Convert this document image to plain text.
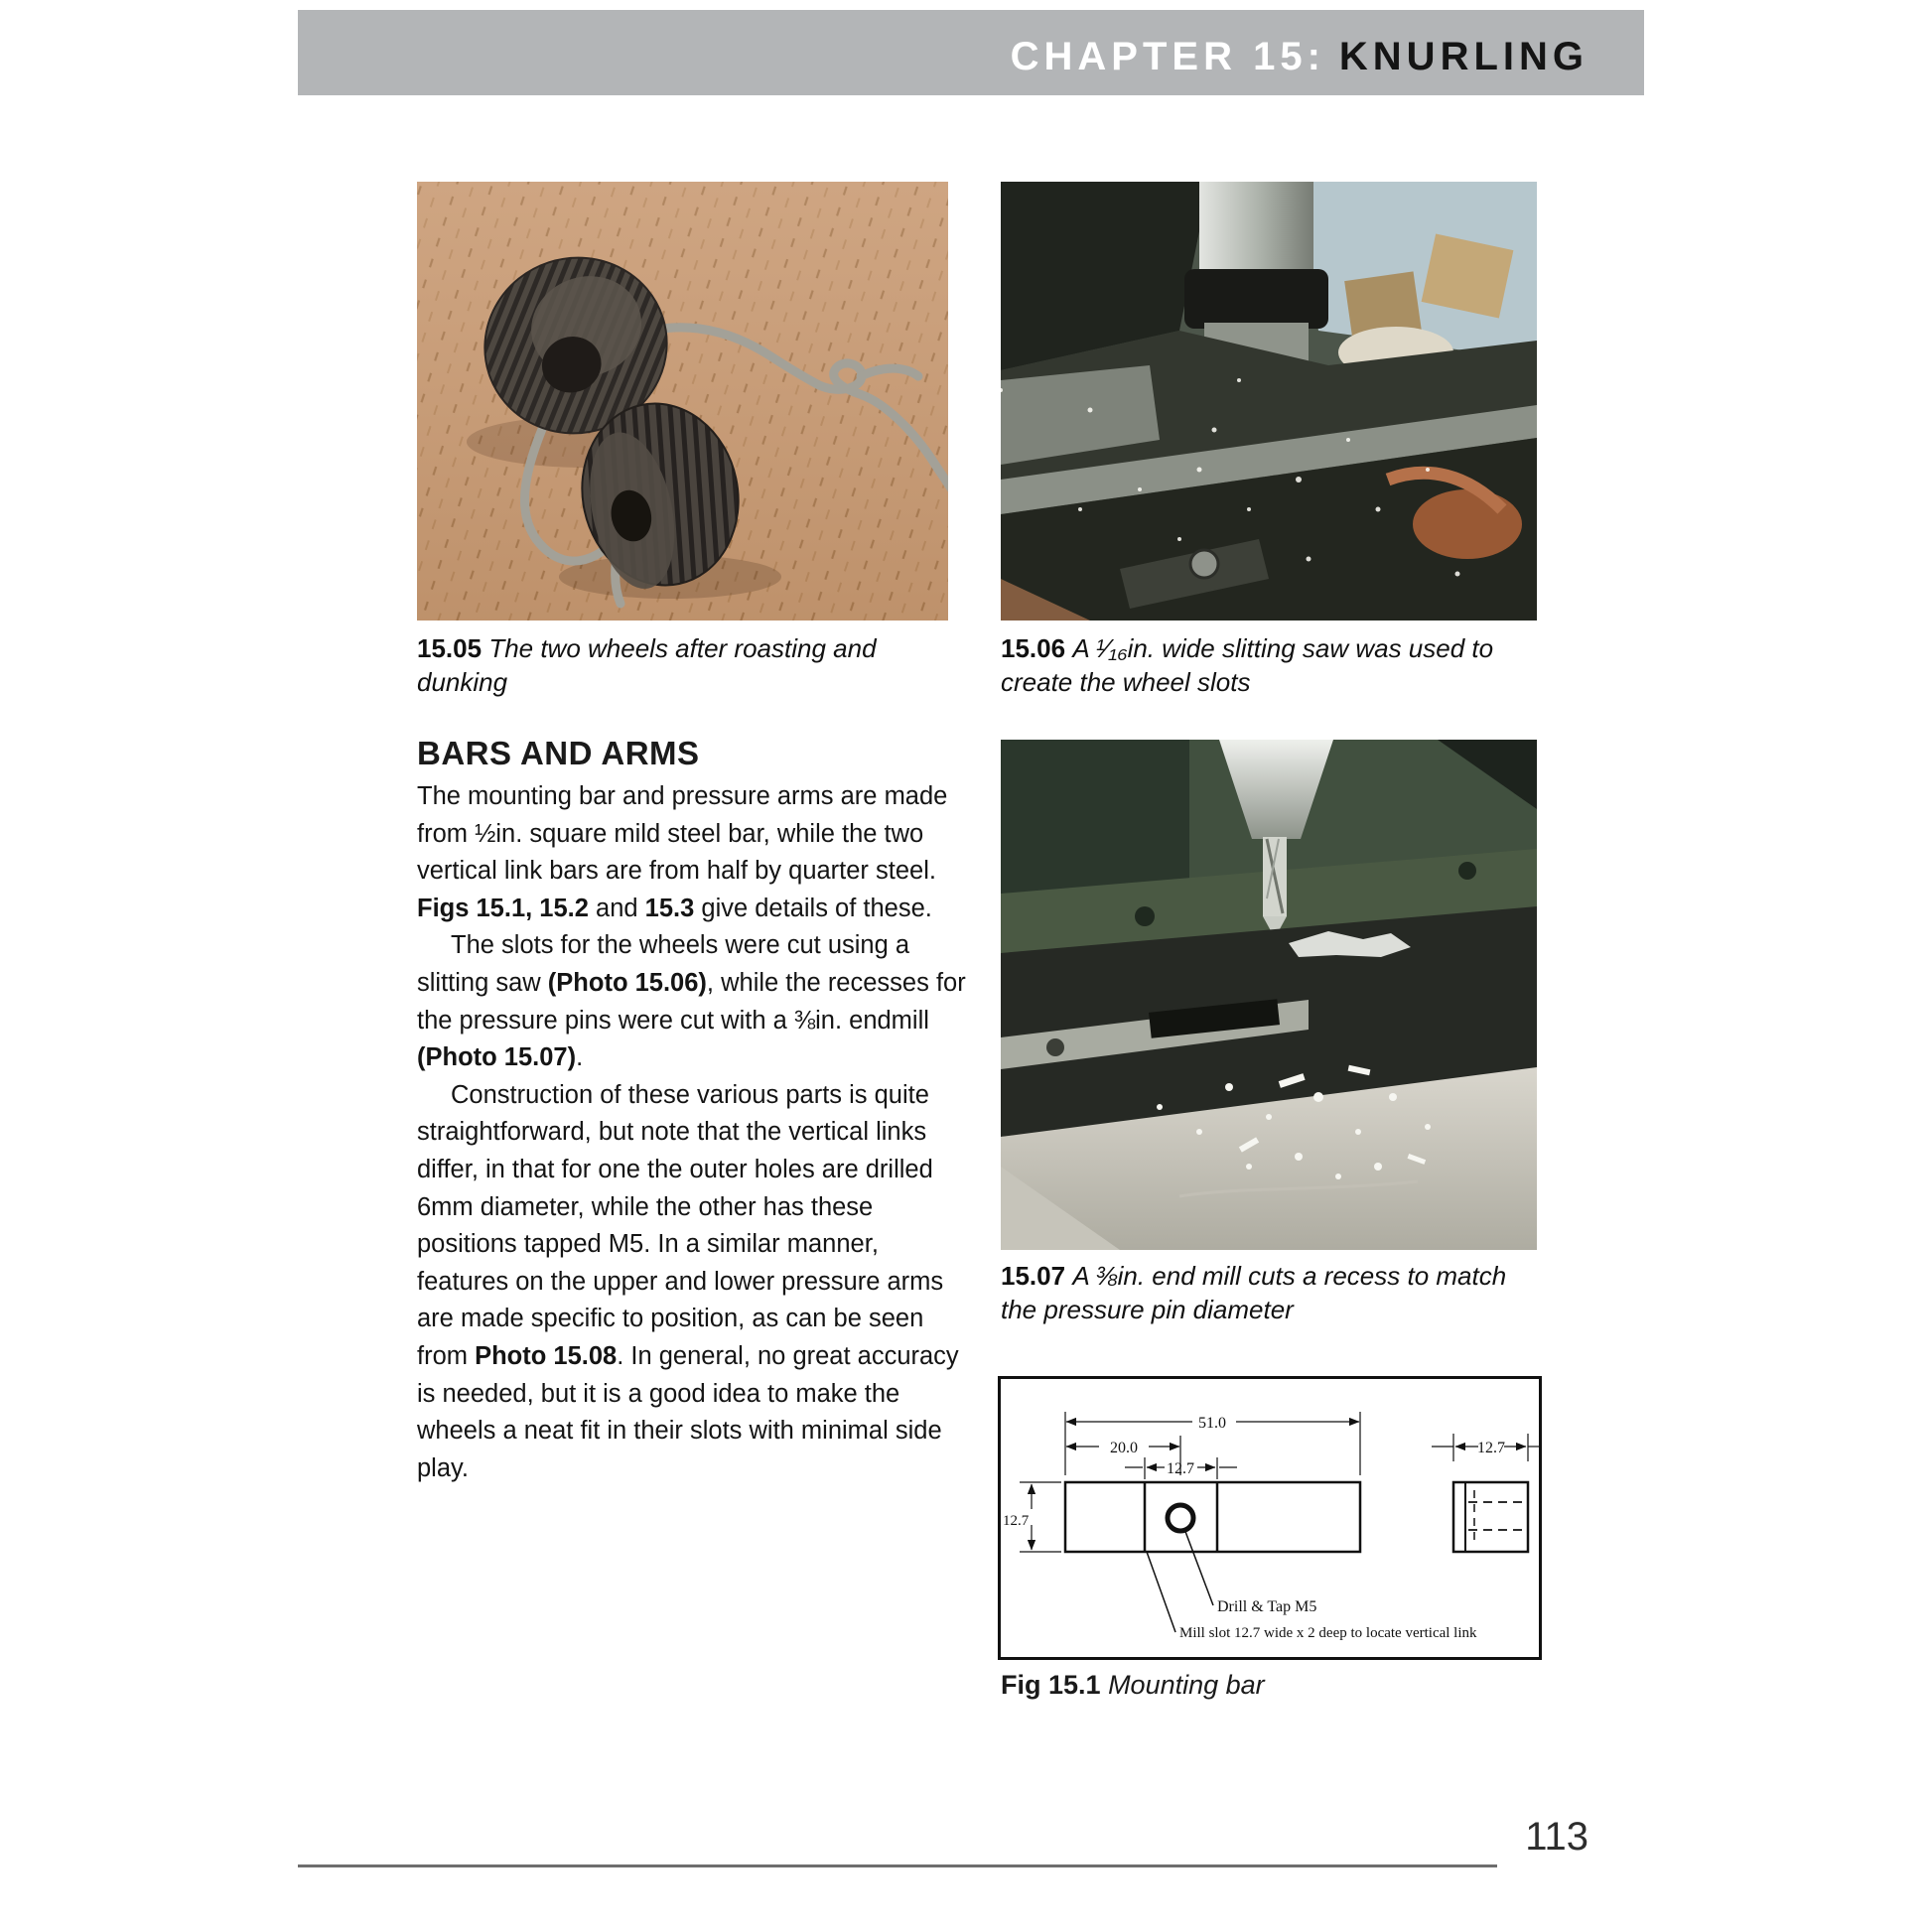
CHAPTER 15: KNURLING
15.05 The two wheels after roasting and dunking
15.06 A ¹⁄₁₆in. wide slitting saw was used to create the wheel slots
BARS AND ARMS

The mounting bar and pressure arms are made from ½in. square mild steel bar, while the two vertical link bars are from half by quarter steel. Figs 15.1, 15.2 and 15.3 give details of these.

The slots for the wheels were cut using a slitting saw (Photo 15.06), while the recesses for the pressure pins were cut with a ⅜in. endmill (Photo 15.07).

Construction of these various parts is quite straightforward, but note that the vertical links differ, in that for one the outer holes are drilled 6mm diameter, while the other has these positions tapped M5. In a similar manner, features on the upper and lower pressure arms are made specific to position, as can be seen from Photo 15.08. In general, no great accuracy is needed, but it is a good idea to make the wheels a neat fit in their slots with minimal side play.

15.07 A ⅜in. end mill cuts a recess to match the pressure pin diameter
51.0
20.0
12.7
12.7
12.7
Drill & Tap M5
Mill slot 12.7 wide x 2 deep to locate vertical link
Fig 15.1 Mounting bar
113
